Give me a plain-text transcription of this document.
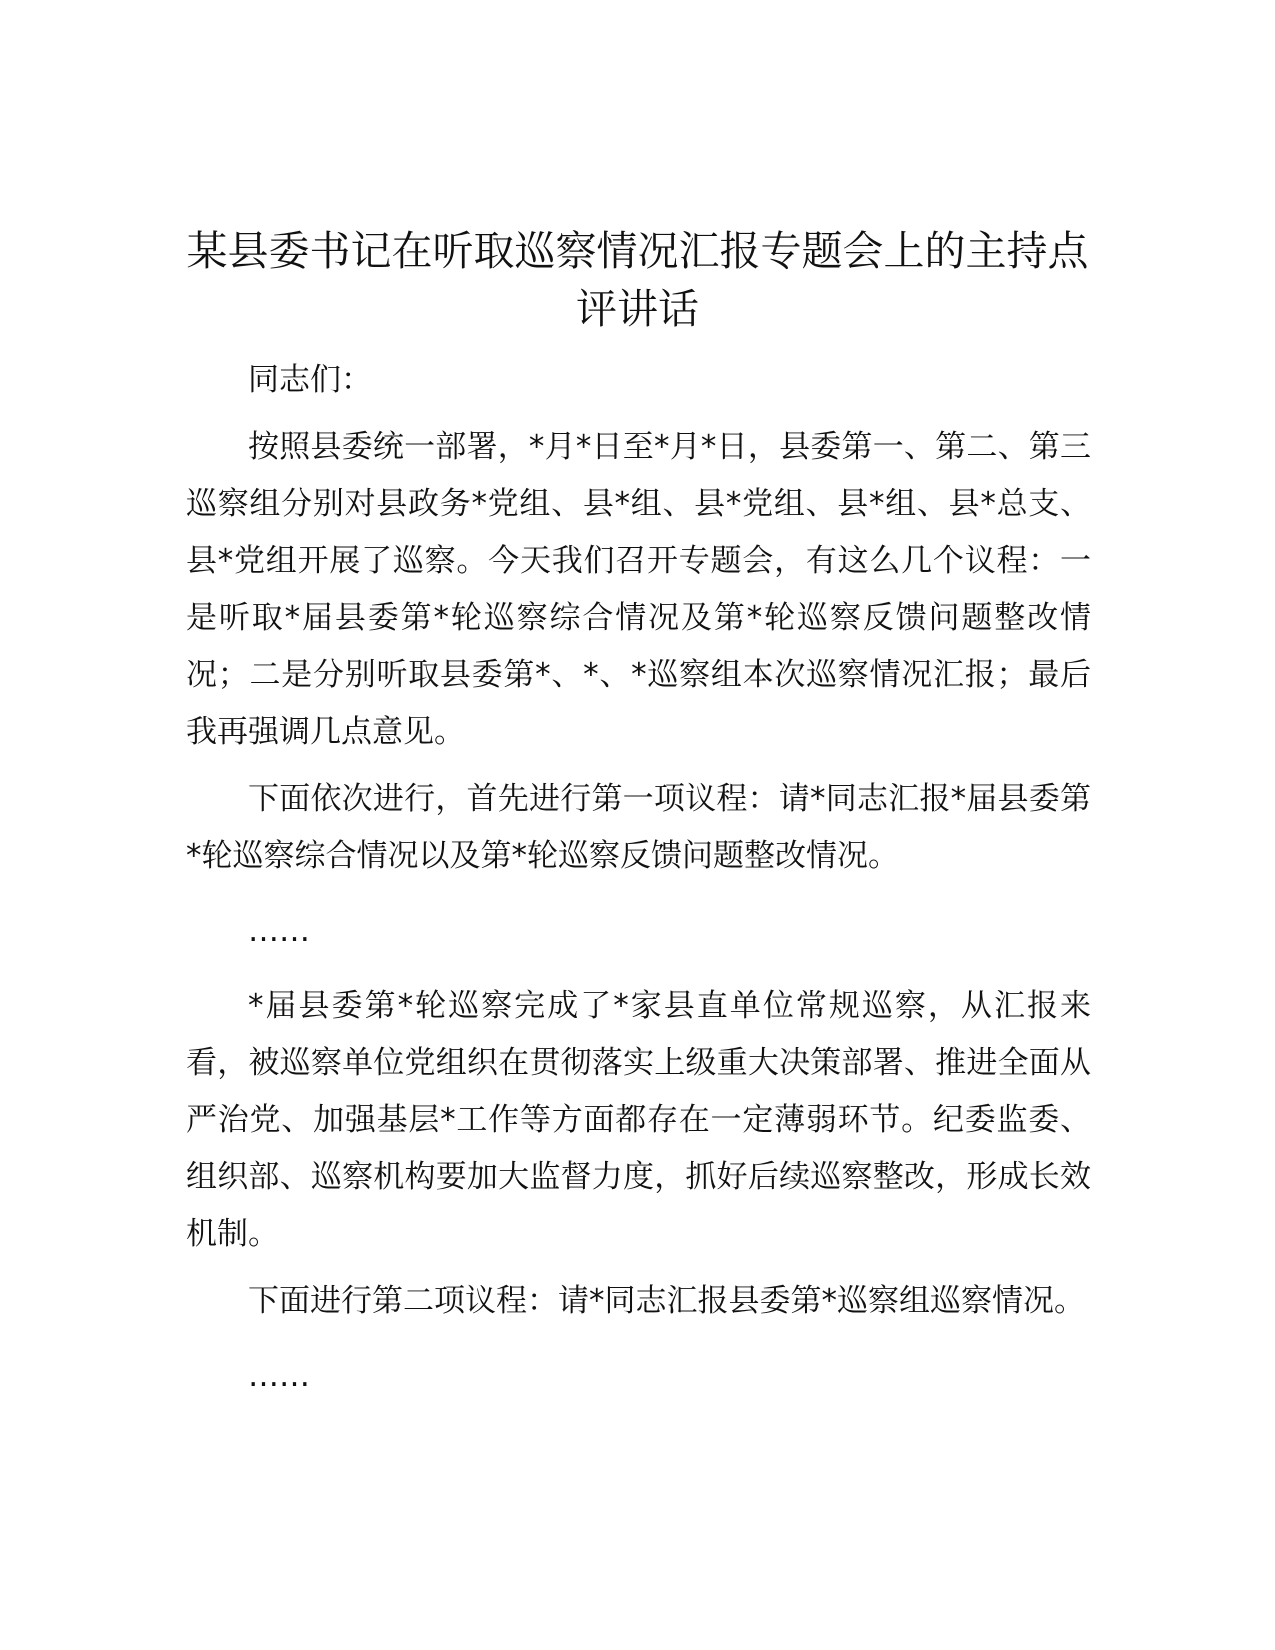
某县委书记在听取巡察情况汇报专题会上的主持点评讲话

同志们：

按照县委统一部署，*月*日至*月*日，县委第一、第二、第三巡察组分别对县政务*党组、县*组、县*党组、县*组、县*总支、县*党组开展了巡察。今天我们召开专题会，有这么几个议程：一是听取*届县委第*轮巡察综合情况及第*轮巡察反馈问题整改情况；二是分别听取县委第*、*、*巡察组本次巡察情况汇报；最后我再强调几点意见。

下面依次进行，首先进行第一项议程：请*同志汇报*届县委第*轮巡察综合情况以及第*轮巡察反馈问题整改情况。

……

*届县委第*轮巡察完成了*家县直单位常规巡察，从汇报来看，被巡察单位党组织在贯彻落实上级重大决策部署、推进全面从严治党、加强基层*工作等方面都存在一定薄弱环节。纪委监委、组织部、巡察机构要加大监督力度，抓好后续巡察整改，形成长效机制。

下面进行第二项议程：请*同志汇报县委第*巡察组巡察情况。

……
